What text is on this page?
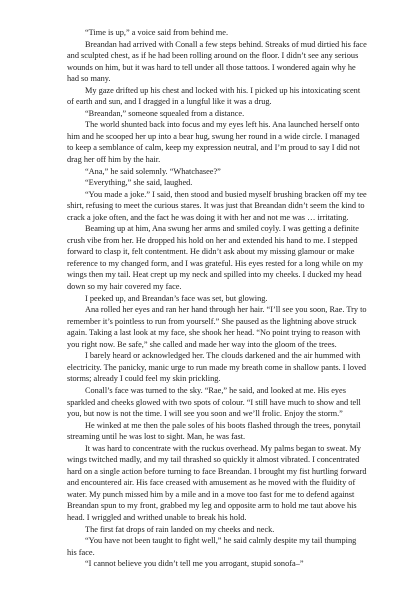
“Time is up,” a voice said from behind me.

Breandan had arrived with Conall a few steps behind. Streaks of mud dirtied his face and sculpted chest, as if he had been rolling around on the floor. I didn’t see any serious wounds on him, but it was hard to tell under all those tattoos. I wondered again why he had so many.

My gaze drifted up his chest and locked with his. I picked up his intoxicating scent of earth and sun, and I dragged in a lungful like it was a drug.

“Breandan,” someone squealed from a distance.

The world shunted back into focus and my eyes left his. Ana launched herself onto him and he scooped her up into a bear hug, swung her round in a wide circle. I managed to keep a semblance of calm, keep my expression neutral, and I’m proud to say I did not drag her off him by the hair.

“Ana,” he said solemnly. “Whatchasee?”

“Everything,” she said, laughed.

“You made a joke.” I said, then stood and busied myself brushing bracken off my tee shirt, refusing to meet the curious stares. It was just that Breandan didn’t seem the kind to crack a joke often, and the fact he was doing it with her and not me was … irritating.

Beaming up at him, Ana swung her arms and smiled coyly. I was getting a definite crush vibe from her. He dropped his hold on her and extended his hand to me. I stepped forward to clasp it, felt contentment. He didn’t ask about my missing glamour or make reference to my changed form, and I was grateful. His eyes rested for a long while on my wings then my tail. Heat crept up my neck and spilled into my cheeks. I ducked my head down so my hair covered my face.

I peeked up, and Breandan’s face was set, but glowing.

Ana rolled her eyes and ran her hand through her hair. “I’ll see you soon, Rae. Try to remember it’s pointless to run from yourself.” She paused as the lightning above struck again. Taking a last look at my face, she shook her head. “No point trying to reason with you right now. Be safe,” she called and made her way into the gloom of the trees.

I barely heard or acknowledged her. The clouds darkened and the air hummed with electricity. The panicky, manic urge to run made my breath come in shallow pants. I loved storms; already I could feel my skin prickling.

Conall’s face was turned to the sky. “Rae,” he said, and looked at me. His eyes sparkled and cheeks glowed with two spots of colour. “I still have much to show and tell you, but now is not the time. I will see you soon and we’ll frolic. Enjoy the storm.”

He winked at me then the pale soles of his boots flashed through the trees, ponytail streaming until he was lost to sight. Man, he was fast.

It was hard to concentrate with the ruckus overhead. My palms began to sweat. My wings twitched madly, and my tail thrashed so quickly it almost vibrated. I concentrated hard on a single action before turning to face Breandan. I brought my fist hurtling forward and encountered air. His face creased with amusement as he moved with the fluidity of water. My punch missed him by a mile and in a move too fast for me to defend against Breandan spun to my front, grabbed my leg and opposite arm to hold me taut above his head. I wriggled and writhed unable to break his hold.

The first fat drops of rain landed on my cheeks and neck.

“You have not been taught to fight well,” he said calmly despite my tail thumping his face.

“I cannot believe you didn’t tell me you arrogant, stupid sonofa–”
